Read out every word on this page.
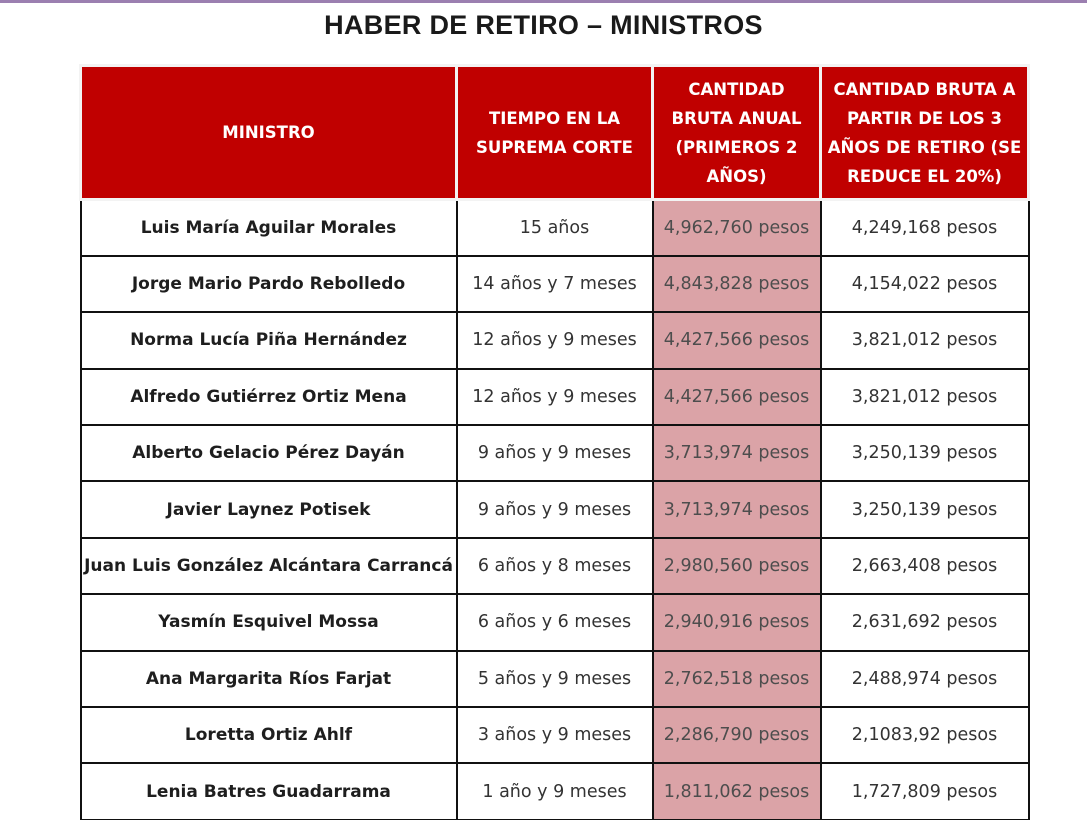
HABER DE RETIRO – MINISTROS
MINISTRO	TIEMPO EN LA SUPREMA CORTE	CANTIDAD BRUTA ANUAL (PRIMEROS 2 AÑOS)	CANTIDAD BRUTA A PARTIR DE LOS 3 AÑOS DE RETIRO (SE REDUCE EL 20%)
Luis María Aguilar Morales	15 años	4,962,760 pesos	4,249,168 pesos
Jorge Mario Pardo Rebolledo	14 años y 7 meses	4,843,828 pesos	4,154,022 pesos
Norma Lucía Piña Hernández	12 años y 9 meses	4,427,566 pesos	3,821,012 pesos
Alfredo Gutiérrez Ortiz Mena	12 años y 9 meses	4,427,566 pesos	3,821,012 pesos
Alberto Gelacio Pérez Dayán	9 años y 9 meses	3,713,974 pesos	3,250,139 pesos
Javier Laynez Potisek	9 años y 9 meses	3,713,974 pesos	3,250,139 pesos
Juan Luis González Alcántara Carrancá	6 años y 8 meses	2,980,560 pesos	2,663,408 pesos
Yasmín Esquivel Mossa	6 años y 6 meses	2,940,916 pesos	2,631,692 pesos
Ana Margarita Ríos Farjat	5 años y 9 meses	2,762,518 pesos	2,488,974 pesos
Loretta Ortiz Ahlf	3 años y 9 meses	2,286,790 pesos	2,1083,92 pesos
Lenia Batres Guadarrama	1 año y 9 meses	1,811,062 pesos	1,727,809 pesos
